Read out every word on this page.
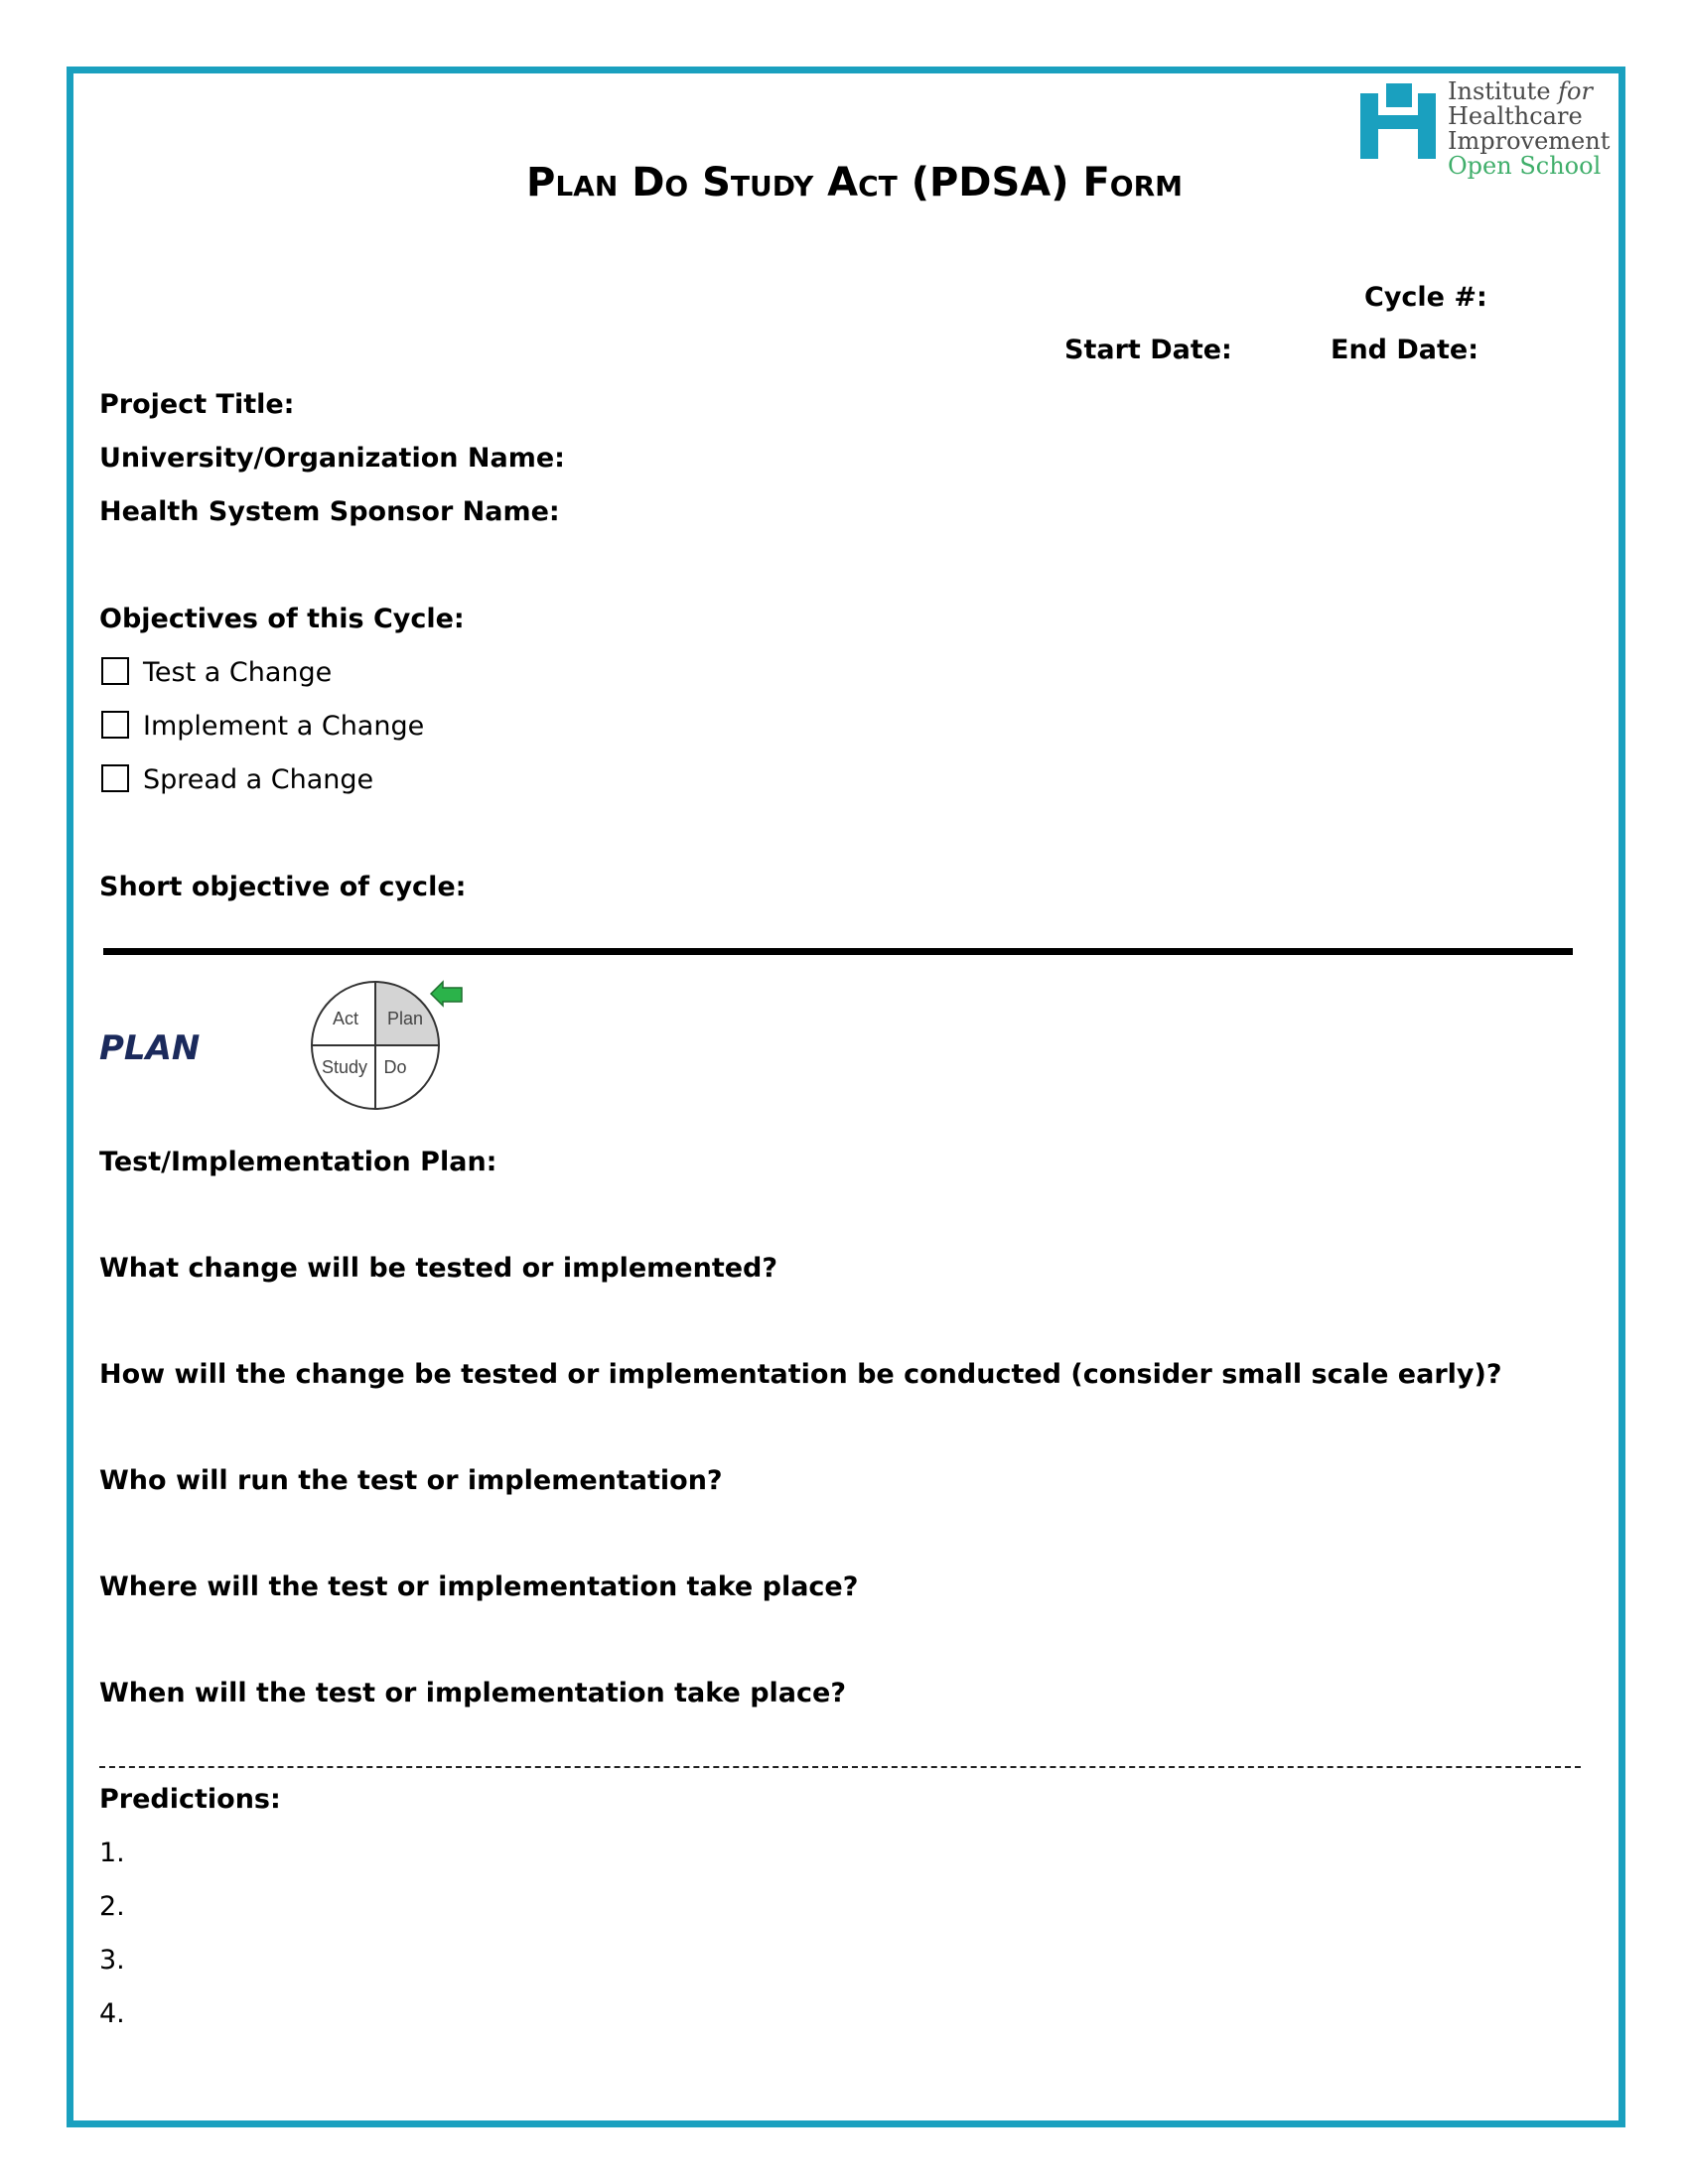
Plan Do Study Act (PDSA) Form
Institute for
Healthcare
Improvement
Open School
Cycle #:
Start Date:	End Date:
Project Title:
University/Organization Name:
Health System Sponsor Name:
Objectives of this Cycle:
Test a Change
Implement a Change
Spread a Change
Short objective of cycle:
PLAN
Act Plan
Study Do
Test/Implementation Plan:
What change will be tested or implemented?
How will the change be tested or implementation be conducted (consider small scale early)?
Who will run the test or implementation?
Where will the test or implementation take place?
When will the test or implementation take place?
Predictions:
1.
2.
3.
4.
